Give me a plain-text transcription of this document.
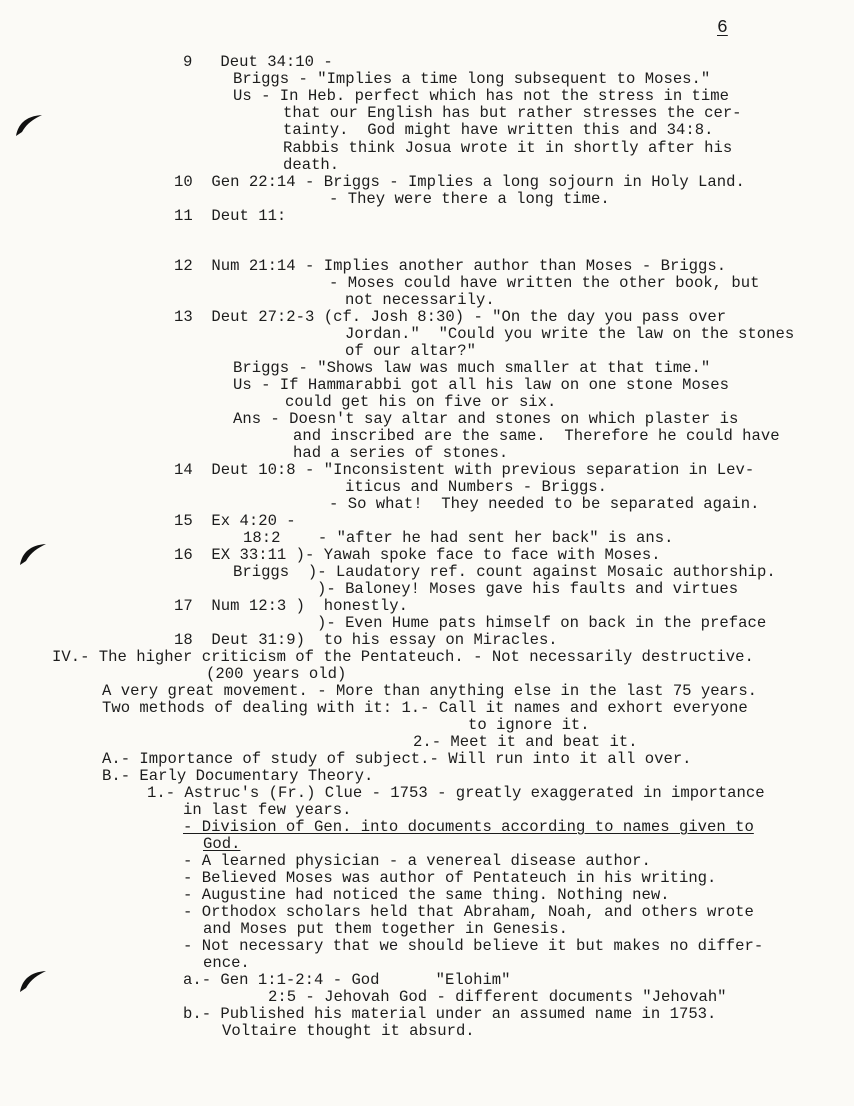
6
9   Deut 34:10 -
Briggs - "Implies a time long subsequent to Moses."
Us - In Heb. perfect which has not the stress in time
that our English has but rather stresses the cer-
tainty.  God might have written this and 34:8.
Rabbis think Josua wrote it in shortly after his
death.
10  Gen 22:14 - Briggs - Implies a long sojourn in Holy Land.
- They were there a long time.
11  Deut 11:
12  Num 21:14 - Implies another author than Moses - Briggs.
- Moses could have written the other book, but
not necessarily.
13  Deut 27:2-3 (cf. Josh 8:30) - "On the day you pass over
Jordan."  "Could you write the law on the stones
of our altar?"
Briggs - "Shows law was much smaller at that time."
Us - If Hammarabbi got all his law on one stone Moses
could get his on five or six.
Ans - Doesn't say altar and stones on which plaster is
and inscribed are the same.  Therefore he could have
had a series of stones.
14  Deut 10:8 - "Inconsistent with previous separation in Lev-
iticus and Numbers - Briggs.
- So what!  They needed to be separated again.
15  Ex 4:20 -
18:2    - "after he had sent her back" is ans.
16  EX 33:11 )- Yawah spoke face to face with Moses.
Briggs  )- Laudatory ref. count against Mosaic authorship.
)- Baloney! Moses gave his faults and virtues
17  Num 12:3 )  honestly.
)- Even Hume pats himself on back in the preface
18  Deut 31:9)  to his essay on Miracles.
IV.- The higher criticism of the Pentateuch. - Not necessarily destructive.
(200 years old)
A very great movement. - More than anything else in the last 75 years.
Two methods of dealing with it: 1.- Call it names and exhort everyone
to ignore it.
2.- Meet it and beat it.
A.- Importance of study of subject.- Will run into it all over.
B.- Early Documentary Theory.
1.- Astruc's (Fr.) Clue - 1753 - greatly exaggerated in importance
in last few years.
- Division of Gen. into documents according to names given to
God.
- A learned physician - a venereal disease author.
- Believed Moses was author of Pentateuch in his writing.
- Augustine had noticed the same thing. Nothing new.
- Orthodox scholars held that Abraham, Noah, and others wrote
and Moses put them together in Genesis.
- Not necessary that we should believe it but makes no differ-
ence.
a.- Gen 1:1-2:4 - God      "Elohim"
2:5 - Jehovah God - different documents "Jehovah"
b.- Published his material under an assumed name in 1753.
Voltaire thought it absurd.
